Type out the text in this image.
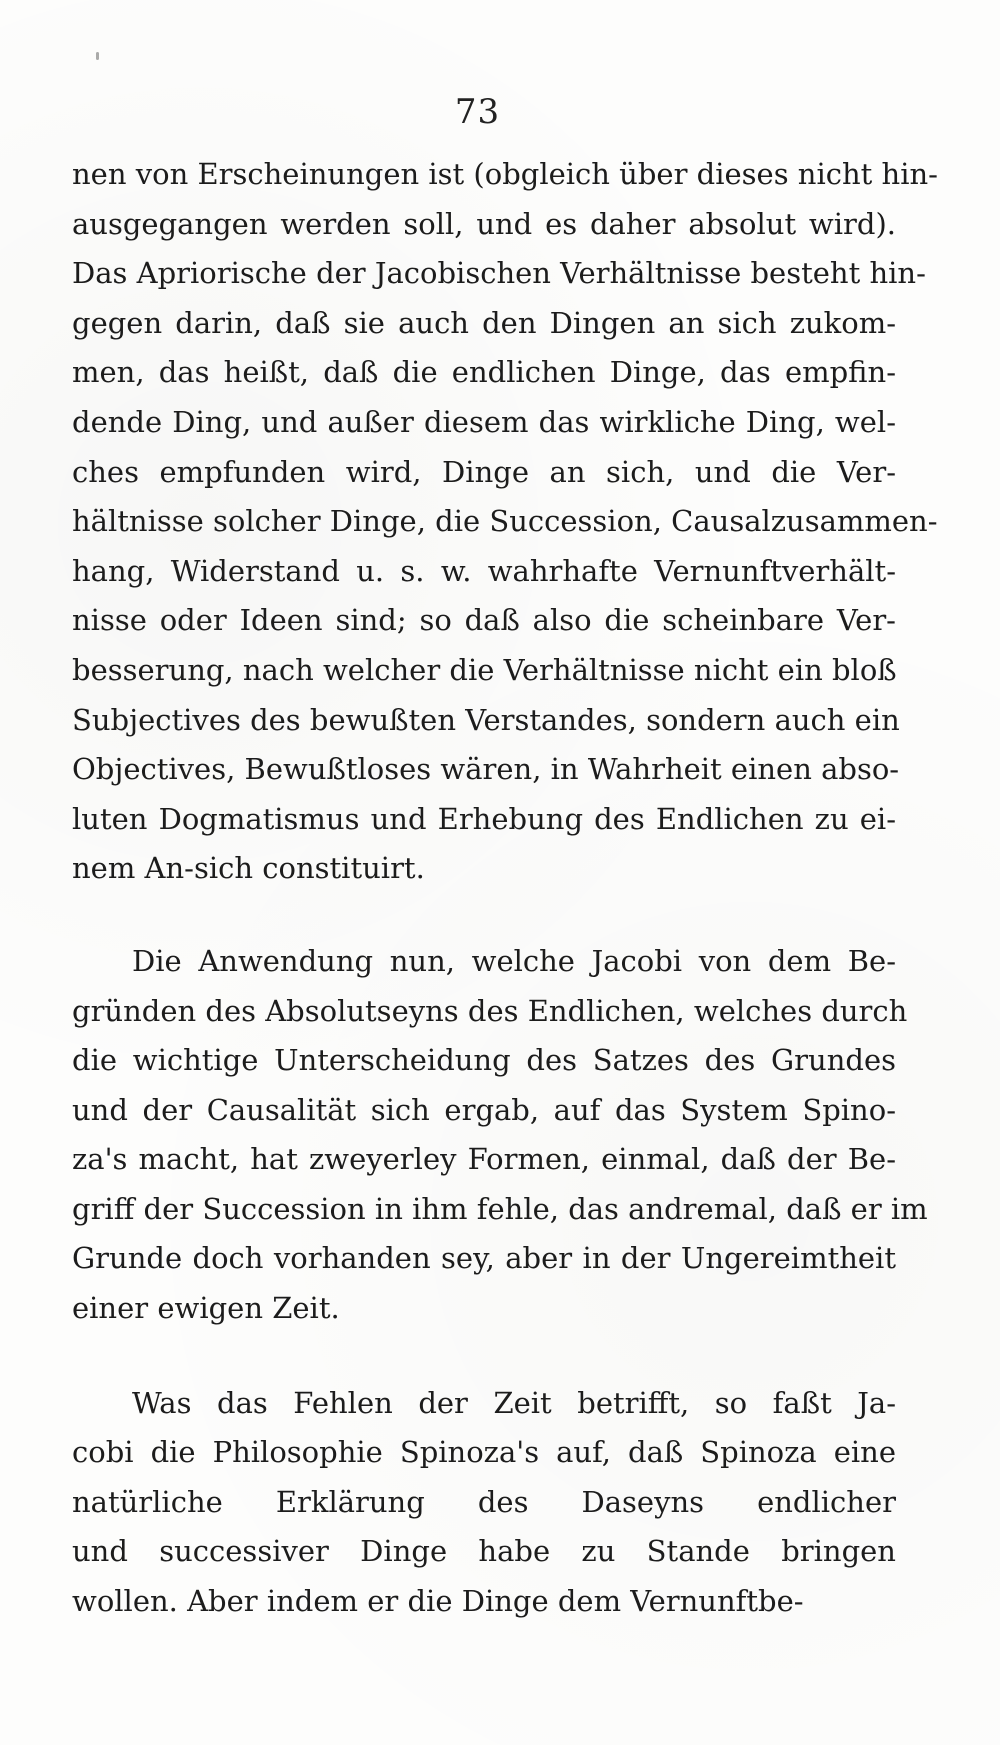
73
nen von Erscheinungen ist (obgleich über dieses nicht hin-
ausgegangen werden soll, und es daher absolut wird).
Das Apriorische der Jacobischen Verhältnisse besteht hin-
gegen darin, daß sie auch den Dingen an sich zukom-
men, das heißt, daß die endlichen Dinge, das empfin-
dende Ding, und außer diesem das wirkliche Ding, wel-
ches empfunden wird, Dinge an sich, und die Ver-
hältnisse solcher Dinge, die Succession, Causalzusammen-
hang, Widerstand u. s. w. wahrhafte Vernunftverhält-
nisse oder Ideen sind; so daß also die scheinbare Ver-
besserung, nach welcher die Verhältnisse nicht ein bloß
Subjectives des bewußten Verstandes, sondern auch ein
Objectives, Bewußtloses wären, in Wahrheit einen abso-
luten Dogmatismus und Erhebung des Endlichen zu ei-
nem An-sich constituirt.
Die Anwendung nun, welche Jacobi von dem Be-
gründen des Absolutseyns des Endlichen, welches durch
die wichtige Unterscheidung des Satzes des Grundes
und der Causalität sich ergab, auf das System Spino-
za's macht, hat zweyerley Formen, einmal, daß der Be-
griff der Succession in ihm fehle, das andremal, daß er im
Grunde doch vorhanden sey, aber in der Ungereimtheit
einer ewigen Zeit.
Was das Fehlen der Zeit betrifft, so faßt Ja-
cobi die Philosophie Spinoza's auf, daß Spinoza eine
natürliche Erklärung des Daseyns endlicher
und successiver Dinge habe zu Stande bringen
wollen. Aber indem er die Dinge dem Vernunftbe-
